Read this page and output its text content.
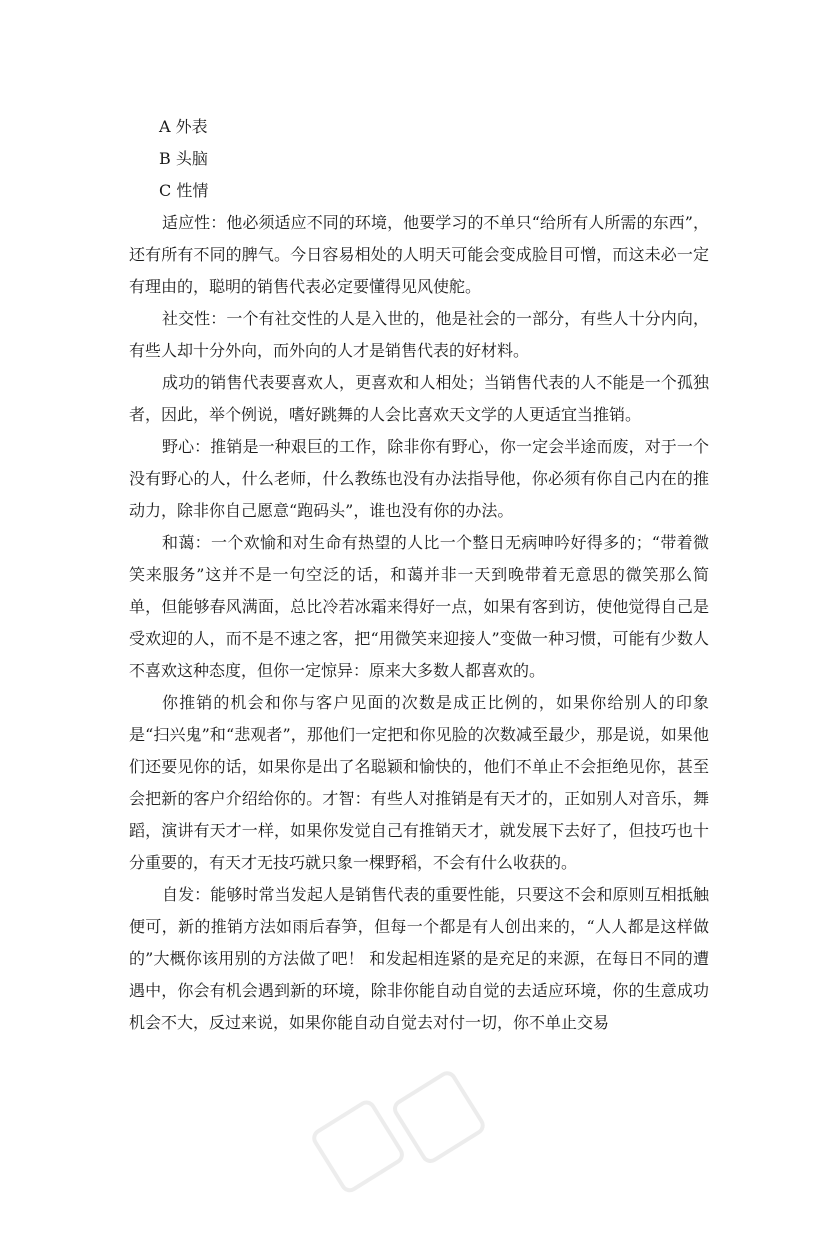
A 外表
B 头脑
C 性情

适应性：他必须适应不同的环境，他要学习的不单只“给所有人所需的东西”，还有所有不同的脾气。今日容易相处的人明天可能会变成脸目可憎，而这未必一定有理由的，聪明的销售代表必定要懂得见风使舵。

社交性：一个有社交性的人是入世的，他是社会的一部分，有些人十分内向，有些人却十分外向，而外向的人才是销售代表的好材料。

成功的销售代表要喜欢人，更喜欢和人相处；当销售代表的人不能是一个孤独者，因此，举个例说，嗜好跳舞的人会比喜欢天文学的人更适宜当推销。

野心：推销是一种艰巨的工作，除非你有野心，你一定会半途而废，对于一个没有野心的人，什么老师，什么教练也没有办法指导他，你必须有你自己内在的推动力，除非你自己愿意“跑码头”，谁也没有你的办法。

和蔼：一个欢愉和对生命有热望的人比一个整日无病呻吟好得多的；“带着微笑来服务”这并不是一句空泛的话，和蔼并非一天到晚带着无意思的微笑那么简单，但能够春风满面，总比冷若冰霜来得好一点，如果有客到访，使他觉得自己是受欢迎的人，而不是不速之客，把“用微笑来迎接人”变做一种习惯，可能有少数人不喜欢这种态度，但你一定惊异：原来大多数人都喜欢的。

你推销的机会和你与客户见面的次数是成正比例的，如果你给别人的印象是“扫兴鬼”和“悲观者”，那他们一定把和你见脸的次数减至最少，那是说，如果他们还要见你的话，如果你是出了名聪颖和愉快的，他们不单止不会拒绝见你，甚至会把新的客户介绍给你的。才智：有些人对推销是有天才的，正如别人对音乐，舞蹈，演讲有天才一样，如果你发觉自己有推销天才，就发展下去好了，但技巧也十分重要的，有天才无技巧就只象一棵野稻，不会有什么收获的。

自发：能够时常当发起人是销售代表的重要性能，只要这不会和原则互相抵触便可，新的推销方法如雨后春笋，但每一个都是有人创出来的，“人人都是这样做的”大概你该用别的方法做了吧！ 和发起相连紧的是充足的来源，在每日不同的遭遇中，你会有机会遇到新的环境，除非你能自动自觉的去适应环境，你的生意成功机会不大，反过来说，如果你能自动自觉去对付一切，你不单止交易
